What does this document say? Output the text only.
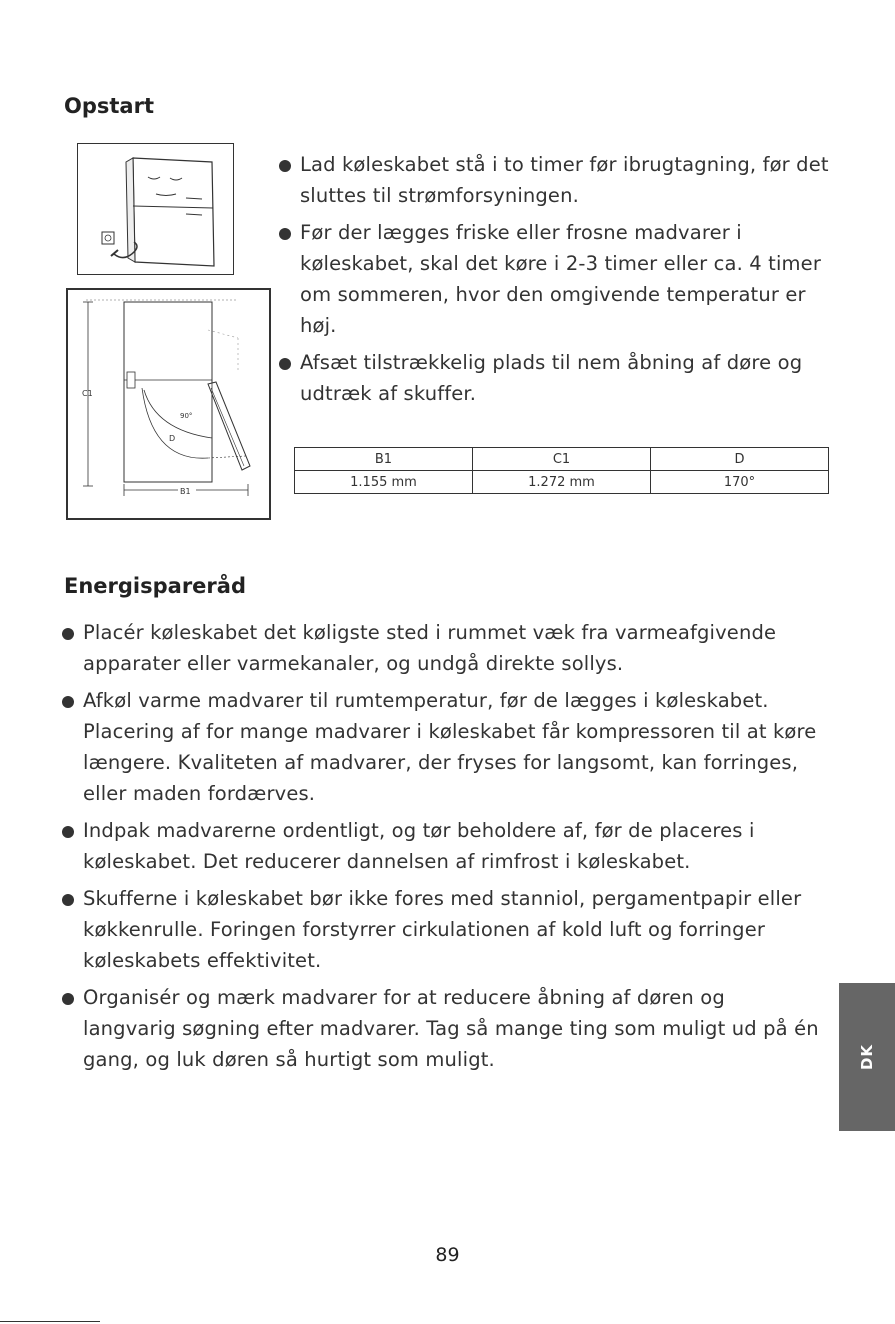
Opstart
C1
90°
D
B1
Lad køleskabet stå i to timer før ibrugtagning, før det sluttes til strømforsyningen.
Før der lægges friske eller frosne madvarer i køleskabet, skal det køre i 2-3 timer eller ca. 4 timer om sommeren, hvor den omgivende temperatur er høj.
Afsæt tilstrækkelig plads til nem åbning af døre og udtræk af skuffer.
B1	C1	D
1.155 mm	1.272 mm	170°
Energispareråd
Placér køleskabet det køligste sted i rummet væk fra varmeafgivende apparater eller varmekanaler, og undgå direkte sollys.
Afkøl varme madvarer til rumtemperatur, før de lægges i køleskabet. Placering af for mange madvarer i køleskabet får kompressoren til at køre længere. Kvaliteten af madvarer, der fryses for langsomt, kan forringes, eller maden fordærves.
Indpak madvarerne ordentligt, og tør beholdere af, før de placeres i køleskabet. Det reducerer dannelsen af rimfrost i køleskabet.
Skufferne i køleskabet bør ikke fores med stanniol, pergamentpapir eller køkkenrulle. Foringen forstyrrer cirkulationen af kold luft og forringer køleskabets effektivitet.
Organisér og mærk madvarer for at reducere åbning af døren og langvarig søgning efter madvarer. Tag så mange ting som muligt ud på én gang, og luk døren så hurtigt som muligt.	DK
89
